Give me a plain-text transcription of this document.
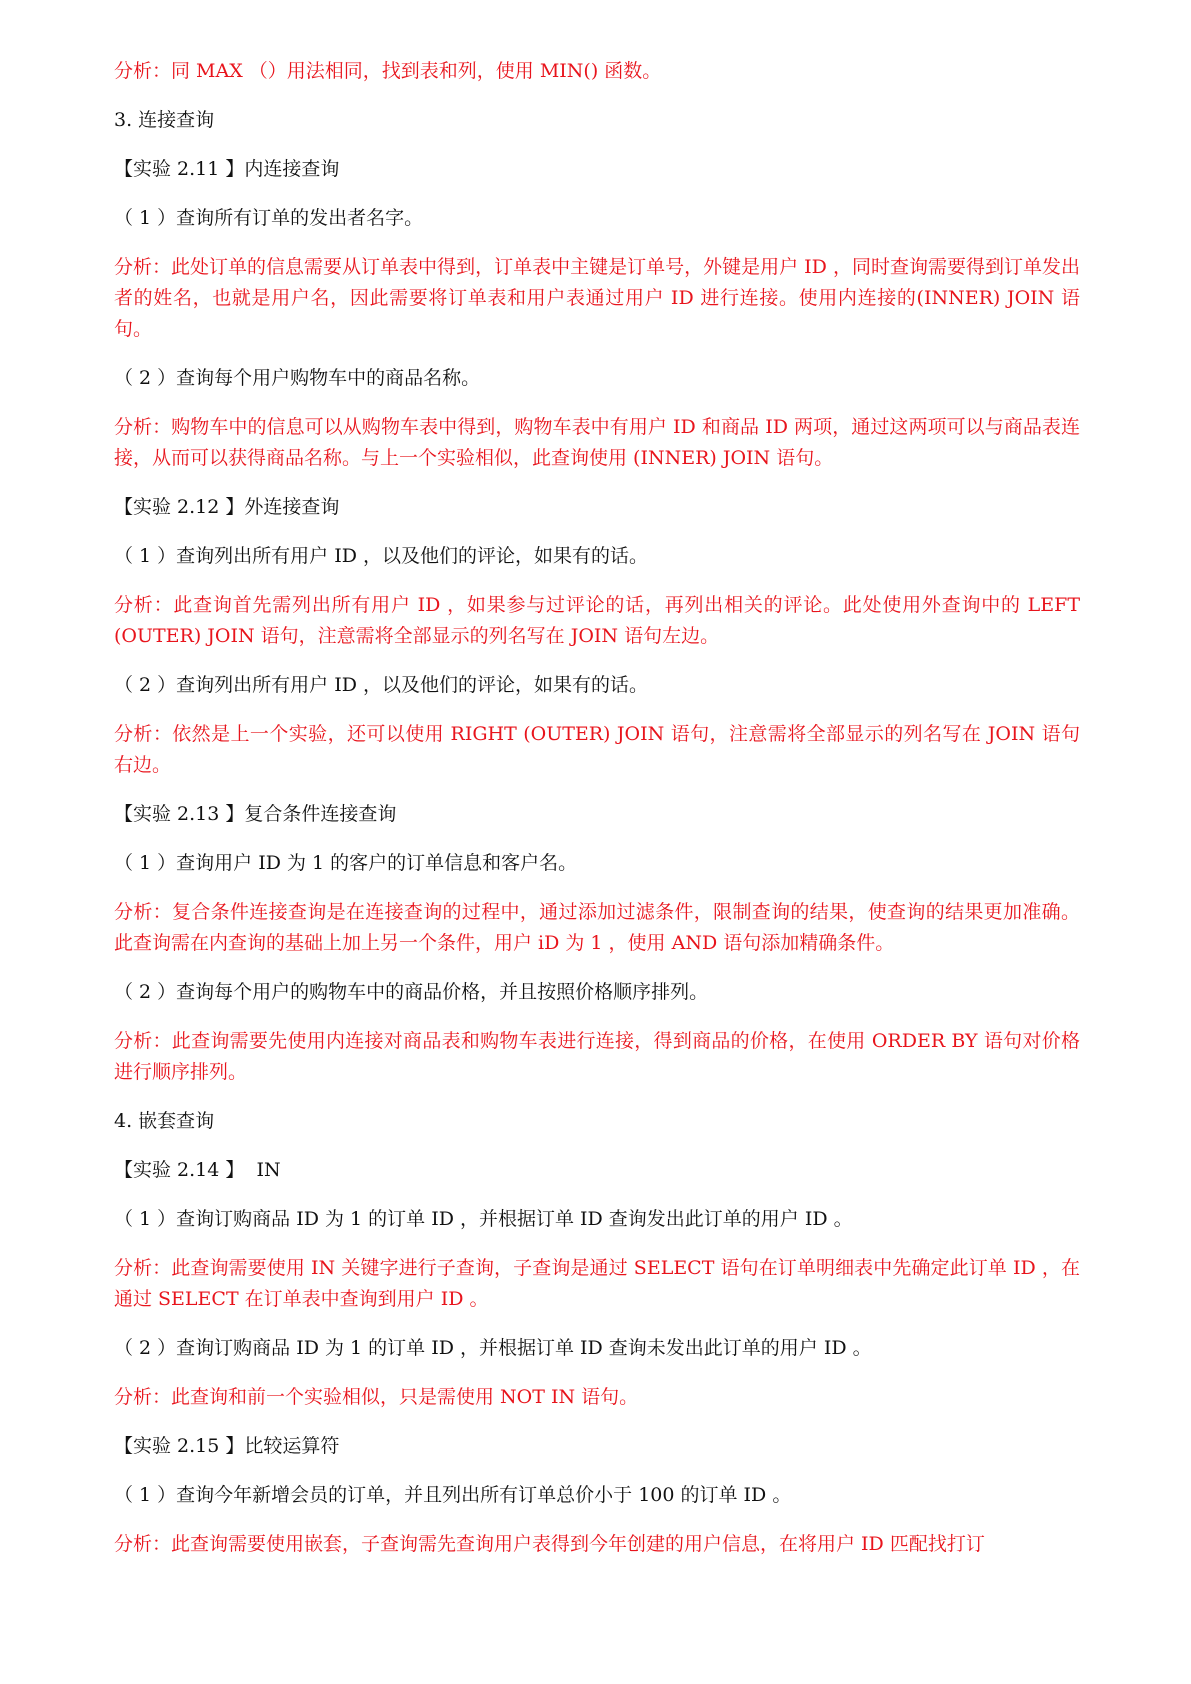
分析：同 MAX （）用法相同，找到表和列，使用 MIN() 函数。

3. 连接查询

【实验 2.11 】内连接查询

（ 1 ）查询所有订单的发出者名字。

分析：此处订单的信息需要从订单表中得到，订单表中主键是订单号，外键是用户 ID ，同时查询需要得到订单发出者的姓名，也就是用户名，因此需要将订单表和用户表通过用户 ID 进行连接。使用内连接的(INNER) JOIN 语句。

（ 2 ）查询每个用户购物车中的商品名称。

分析：购物车中的信息可以从购物车表中得到，购物车表中有用户 ID 和商品 ID 两项，通过这两项可以与商品表连接，从而可以获得商品名称。与上一个实验相似，此查询使用 (INNER) JOIN 语句。

【实验 2.12 】外连接查询

（ 1 ）查询列出所有用户 ID ，以及他们的评论，如果有的话。

分析：此查询首先需列出所有用户 ID ，如果参与过评论的话，再列出相关的评论。此处使用外查询中的 LEFT (OUTER) JOIN 语句，注意需将全部显示的列名写在 JOIN 语句左边。

（ 2 ）查询列出所有用户 ID ，以及他们的评论，如果有的话。

分析：依然是上一个实验，还可以使用 RIGHT (OUTER) JOIN 语句，注意需将全部显示的列名写在 JOIN 语句右边。

【实验 2.13 】复合条件连接查询

（ 1 ）查询用户 ID 为 1 的客户的订单信息和客户名。

分析：复合条件连接查询是在连接查询的过程中，通过添加过滤条件，限制查询的结果，使查询的结果更加准确。此查询需在内查询的基础上加上另一个条件，用户 iD 为 1 ，使用 AND 语句添加精确条件。

（ 2 ）查询每个用户的购物车中的商品价格，并且按照价格顺序排列。

分析：此查询需要先使用内连接对商品表和购物车表进行连接，得到商品的价格，在使用 ORDER BY 语句对价格进行顺序排列。

4. 嵌套查询

【实验 2.14 】  IN

（ 1 ）查询订购商品 ID 为 1 的订单 ID ，并根据订单 ID 查询发出此订单的用户 ID 。

分析：此查询需要使用 IN 关键字进行子查询，子查询是通过 SELECT 语句在订单明细表中先确定此订单 ID ，在通过 SELECT 在订单表中查询到用户 ID 。

（ 2 ）查询订购商品 ID 为 1 的订单 ID ，并根据订单 ID 查询未发出此订单的用户 ID 。

分析：此查询和前一个实验相似，只是需使用 NOT IN 语句。

【实验 2.15 】比较运算符

（ 1 ）查询今年新增会员的订单，并且列出所有订单总价小于 100 的订单 ID 。

分析：此查询需要使用嵌套，子查询需先查询用户表得到今年创建的用户信息，在将用户 ID 匹配找打订
